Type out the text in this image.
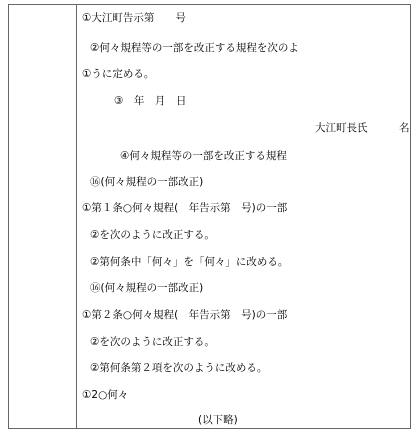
①大江町告示第　　号
②何々規程等の一部を改正する規程を次のよ
①うに定める。
③　年　月　日
大江町長氏　　　名
④何々規程等の一部を改正する規程
⑯(何々規程の一部改正)
①第１条○何々規程(　年告示第　号)の一部
②を次のように改正する。
②第何条中「何々」を「何々」に改める。
⑯(何々規程の一部改正)
①第２条○何々規程(　年告示第　号)の一部
②を次のように改正する。
②第何条第２項を次のように改める。
①2○何々
(以下略)
